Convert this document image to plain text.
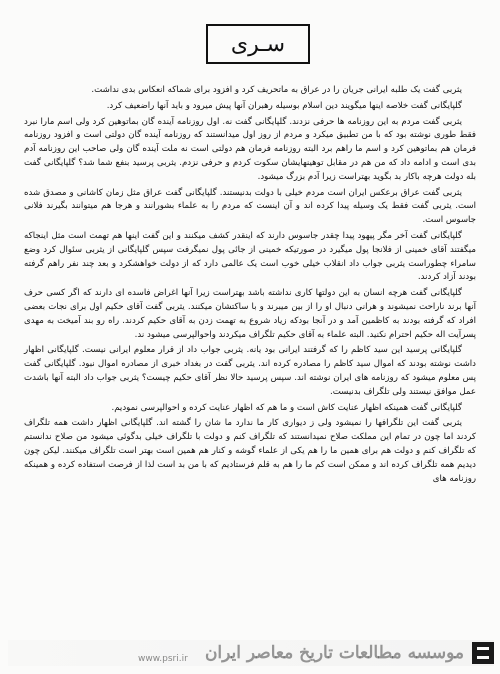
سـری

یثربی گفت یک طلبه ایرانی جریان را در عراق به ماتحریف کرد و افزود برای شماکه انعکاس بدی نداشت.

گلپایگانی گفت خلاصه اینها میگویند دین اسلام بوسیله رهبران آنها پیش میرود و باید آنها راضعیف کرد.

یثربی گفت مردم به این روزنامه ها حرفی نزدند. گلپایگانی گفت نه. اول روزنامه آینده گان بماتوهین کرد ولی اسم مارا نبرد فقط طوری نوشته بود که با من تطبیق میکرد و مردم از روز اول میدانستند که روزنامه آینده گان دولتی است و افزود روزنامه فرمان هم بماتوهین کرد و اسم ما راهم برد البته روزنامه فرمان هم دولتی است نه ملت آینده گان ولی صاحب این روزنامه آدم بدی است و ادامه داد که من هم در مقابل توهینهایشان سکوت کردم و حرفی نزدم. یثربی پرسید بنفع شما شد؟ گلپایگانی گفت بله دولت هرچه باکار بد بگوید بهتراست زیرا آدم بزرگ میشود.

یثربی گفت عراق برعکس ایران است مردم خیلی با دولت بدنیستند. گلپایگانی گفت عراق مثل زمان کاشانی و مصدق شده است. یثربی گفت فقط یک وسیله پیدا کرده اند و آن اینست که مردم را به علماء بشورانند و هرجا هم میتوانند بگیرند فلانی جاسوس است.

گلپایگانی گفت آخر مگر پیهود پیدا چقدر جاسوس دارند که اینقدر کشف میکنند و این گفت اینها هم تهمت است مثل اینجاکه میگفتند آقای خمینی از فلانجا پول میگیرد در صورتیکه خمینی از جائی پول نمیگرفت سپس گلپایگانی از یثربی سئوال کرد وضع سامراء چطوراست یثربی جواب داد انقلاب خیلی خوب است یک عالمی دارد که از دولت خواهشکرد و بعد چند نفر راهم گرفته بودند آزاد کردند.

گلپایگانی گفت هرچه انسان به این دولتها کاری نداشته باشد بهتراست زیرا آنها اغراض فاسده ای دارند که اگر کسی حرف آنها برند ناراحت نمیشوند و هرانی دنبال او را از بین میبرند و با ساکتشان میکنند. یثربی گفت آقای حکیم اول برای نجات بعضی افراد که گرفته بودند به کاظمین آمد و در آنجا بودکه زیاد شروع به تهمت زدن به آقای حکیم کردند. راه رو بند آمیخت به مهدی پسرآیت اله حکیم احترام نکنید. البته علماء به آقای حکیم تلگراف میکردند واحوالپرسی میشود ند.

گلپایگانی پرسید این سید کاظم را که گرفتند ایرانی بود یانه. یثربی جواب داد از قرار معلوم ایرانی نیست. گلپایگانی اظهار داشت نوشته بودند که اموال سید کاظم را مصادره کرده اند. یثربی گفت در بغداد خبری از مصادره اموال نبود. گلپایگانی گفت پس معلوم میشود که روزنامه های ایران نوشته اند. سپس پرسید حالا نظر آقای حکیم چیست؟ یثربی جواب داد البته آنها باشدت عمل موافق نیستند ولی تلگراف بدنیست.

گلپایگانی گفت همینکه اظهار عنایت کاش است و ما هم که اظهار عنایت کرده و احوالپرسی نمودیم.

یثربی گفت این تلگرافها را نمیشود ولی ز دیواری کار ما ندارد ما شان را گشته اند. گلپایگانی اظهار داشت همه تلگراف کردند اما چون در تمام این مملکت صلاح نمیدانستند که تلگراف کنم و دولت با تلگراف خیلی بدگوئی میشود من صلاح ندانستم که تلگراف کنم و دولت هم برای همین ما را هم یکی از علماء گوشه و کنار هم همین است بهتر است تلگراف میکنند. لیکن چون دیدیم همه تلگراف کرده اند و ممکن است کم ما را هم به قلم فرستادیم که با من بد است لذا از فرصت استفاده کرده و همینکه روزنامه های

موسسه مطالعات تاریخ معاصر ایران
www.psri.ir
